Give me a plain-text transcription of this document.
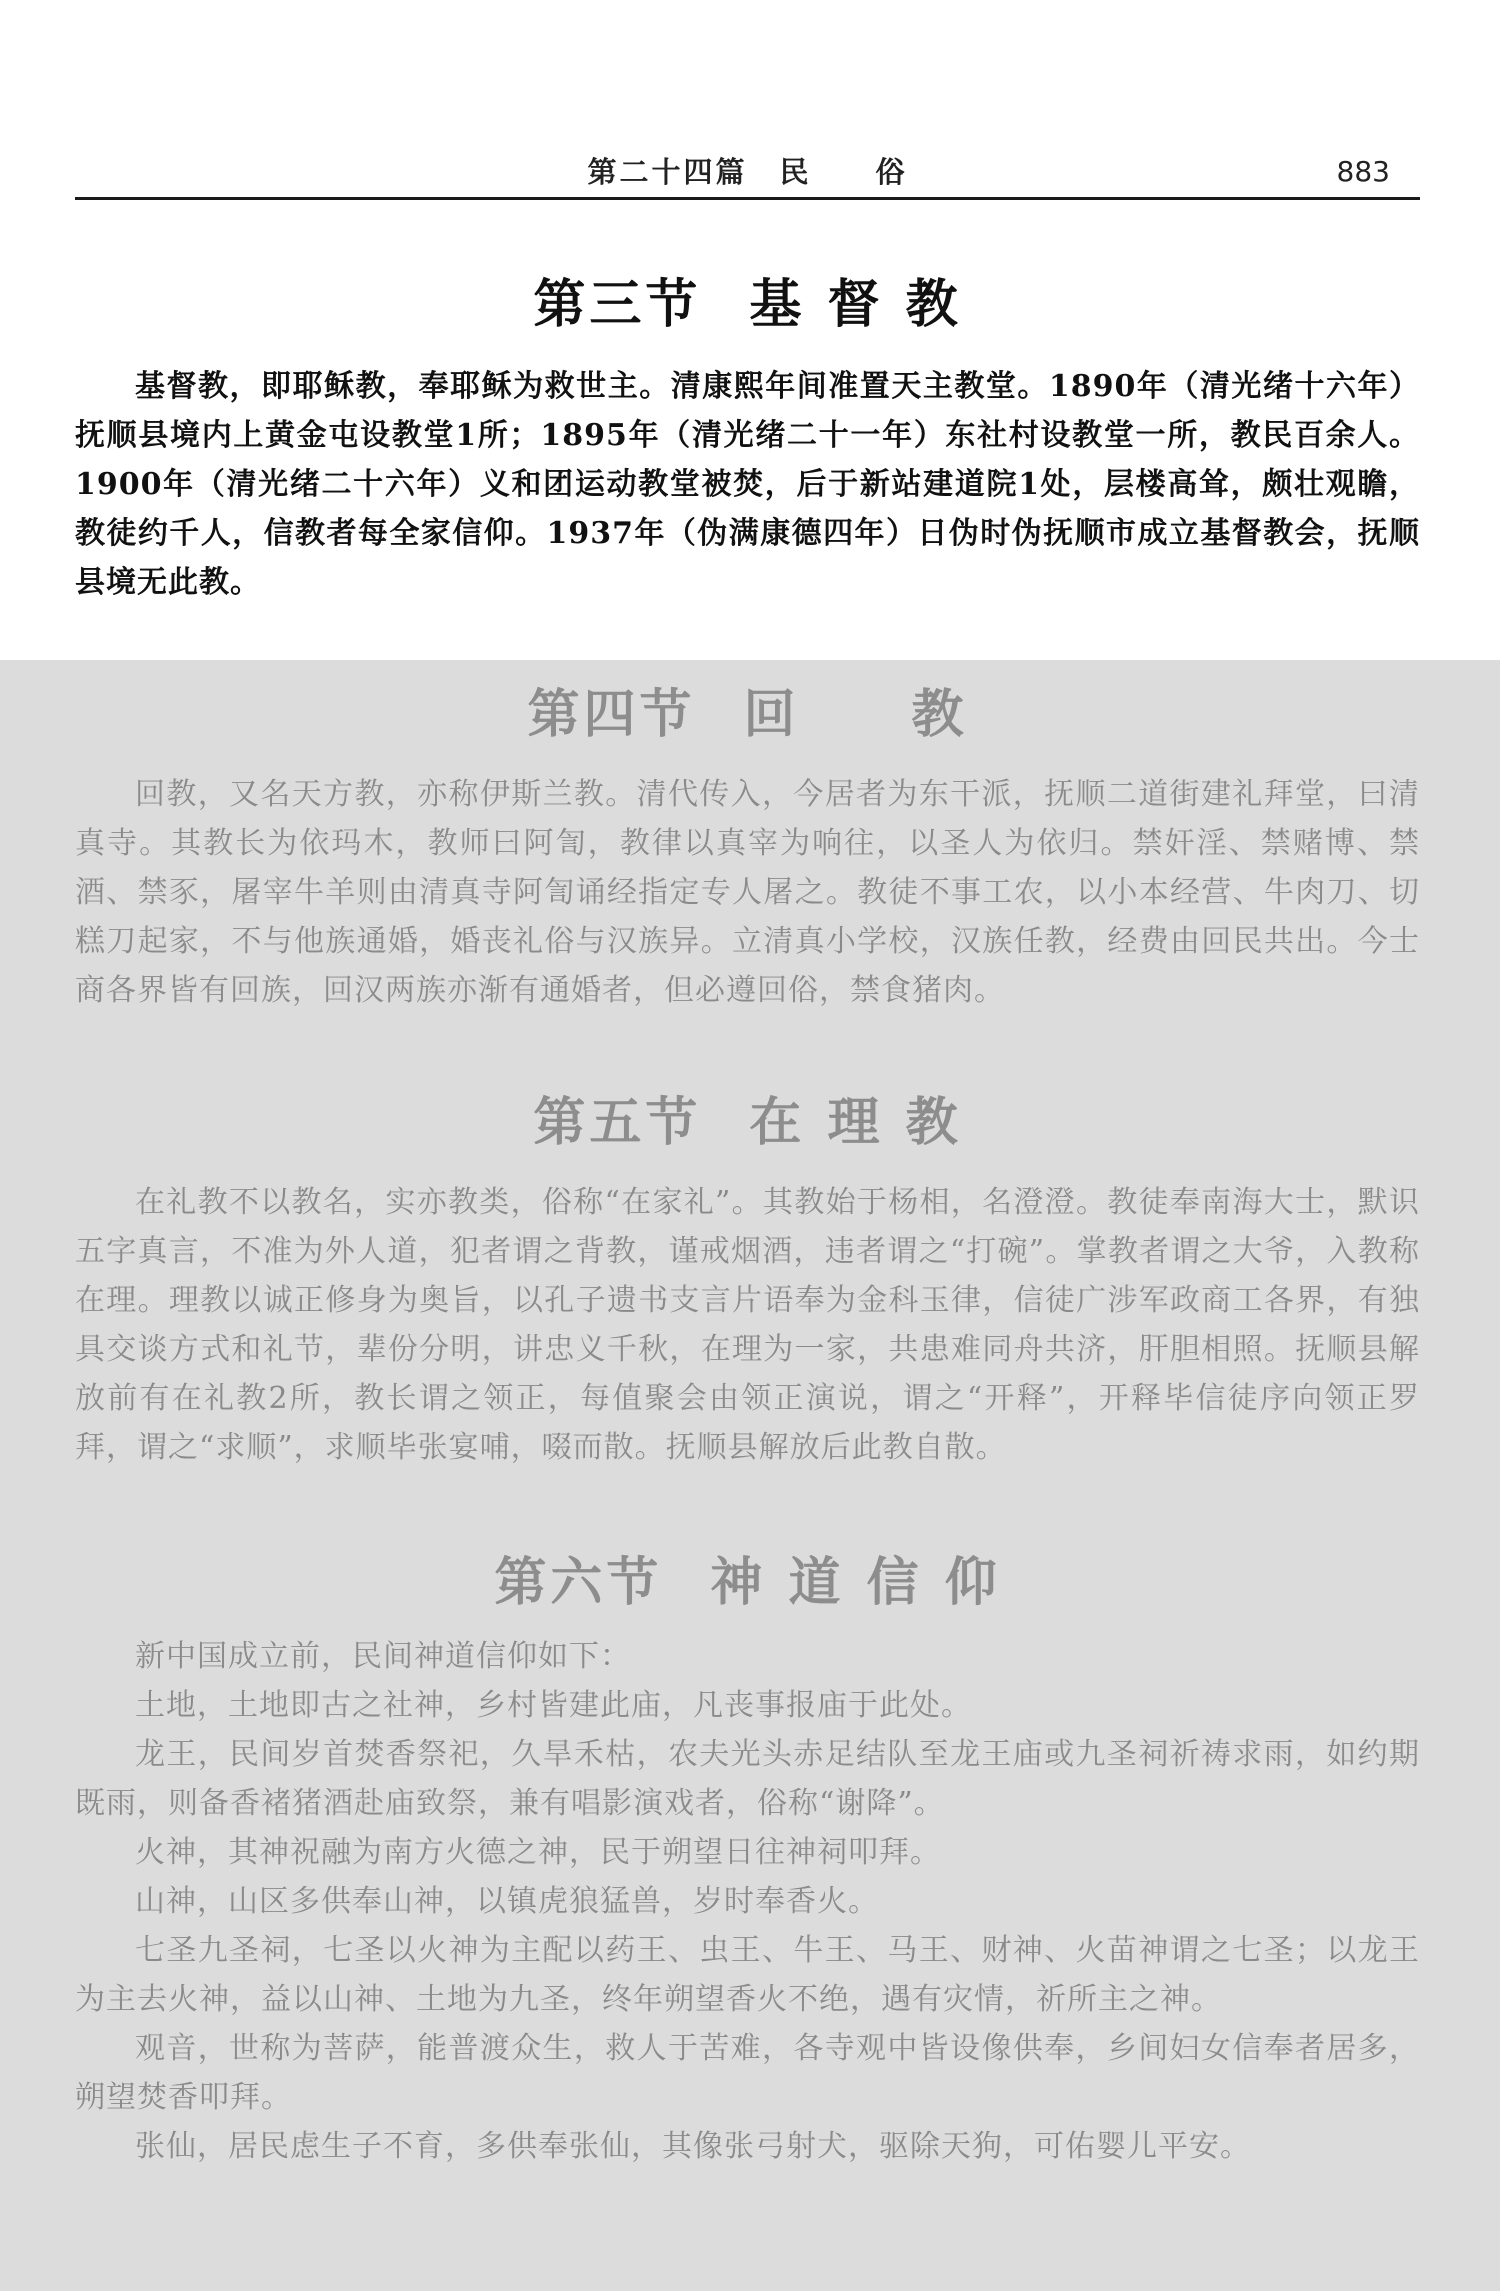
第二十四篇　民　　俗	883
第三节 基 督 教

基督教，即耶稣教，奉耶稣为救世主。清康熙年间准置天主教堂。1890年（清光绪十六年）抚顺县境内上黄金屯设教堂1所；1895年（清光绪二十一年）东社村设教堂一所，教民百余人。1900年（清光绪二十六年）义和团运动教堂被焚，后于新站建道院1处，层楼高耸，颇壮观瞻，教徒约千人，信教者每全家信仰。1937年（伪满康德四年）日伪时伪抚顺市成立基督教会，抚顺县境无此教。

第四节 回　　教

回教，又名天方教，亦称伊斯兰教。清代传入，今居者为东干派，抚顺二道街建礼拜堂，曰清真寺。其教长为依玛木，教师曰阿訇，教律以真宰为响往，以圣人为依归。禁奸淫、禁赌博、禁酒、禁豕，屠宰牛羊则由清真寺阿訇诵经指定专人屠之。教徒不事工农，以小本经营、牛肉刀、切糕刀起家，不与他族通婚，婚丧礼俗与汉族异。立清真小学校，汉族任教，经费由回民共出。今士商各界皆有回族，回汉两族亦渐有通婚者，但必遵回俗，禁食猪肉。

第五节 在 理 教

在礼教不以教名，实亦教类，俗称“在家礼”。其教始于杨相，名澄澄。教徒奉南海大士，默识五字真言，不准为外人道，犯者谓之背教，谨戒烟酒，违者谓之“打碗”。掌教者谓之大爷，入教称在理。理教以诚正修身为奥旨，以孔子遗书支言片语奉为金科玉律，信徒广涉军政商工各界，有独具交谈方式和礼节，辈份分明，讲忠义千秋，在理为一家，共患难同舟共济，肝胆相照。抚顺县解放前有在礼教2所，教长谓之领正，每值聚会由领正演说，谓之“开释”，开释毕信徒序向领正罗拜，谓之“求顺”，求顺毕张宴哺，啜而散。抚顺县解放后此教自散。

第六节 神 道 信 仰

新中国成立前，民间神道信仰如下：

土地，土地即古之社神，乡村皆建此庙，凡丧事报庙于此处。

龙王，民间岁首焚香祭祀，久旱禾枯，农夫光头赤足结队至龙王庙或九圣祠祈祷求雨，如约期既雨，则备香褚猪酒赴庙致祭，兼有唱影演戏者，俗称“谢降”。

火神，其神祝融为南方火德之神，民于朔望日往神祠叩拜。

山神，山区多供奉山神，以镇虎狼猛兽，岁时奉香火。

七圣九圣祠，七圣以火神为主配以药王、虫王、牛王、马王、财神、火苗神谓之七圣；以龙王为主去火神，益以山神、土地为九圣，终年朔望香火不绝，遇有灾情，祈所主之神。

观音，世称为菩萨，能普渡众生，救人于苦难，各寺观中皆设像供奉，乡间妇女信奉者居多，朔望焚香叩拜。

张仙，居民虑生子不育，多供奉张仙，其像张弓射犬，驱除天狗，可佑婴儿平安。
